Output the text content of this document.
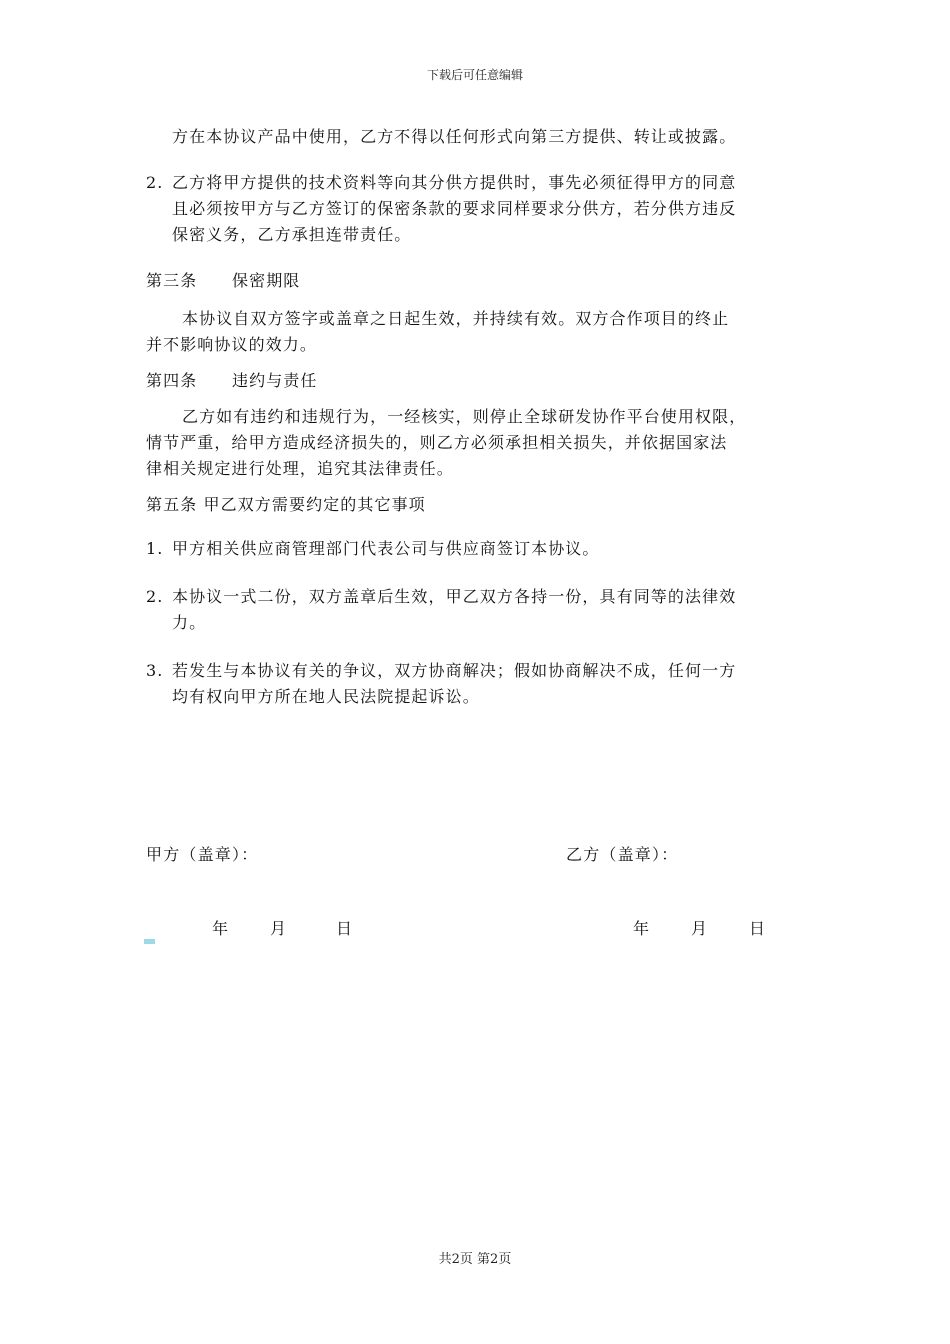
下载后可任意编辑
方在本协议产品中使用，乙方不得以任何形式向第三方提供、转让或披露。
2. 乙方将甲方提供的技术资料等向其分供方提供时，事先必须征得甲方的同意
且必须按甲方与乙方签订的保密条款的要求同样要求分供方，若分供方违反
保密义务，乙方承担连带责任。
第三条 保密期限
本协议自双方签字或盖章之日起生效，并持续有效。双方合作项目的终止
并不影响协议的效力。
第四条 违约与责任
乙方如有违约和违规行为，一经核实，则停止全球研发协作平台使用权限，
情节严重，给甲方造成经济损失的，则乙方必须承担相关损失，并依据国家法
律相关规定进行处理，追究其法律责任。
第五条 甲乙双方需要约定的其它事项
1. 甲方相关供应商管理部门代表公司与供应商签订本协议。
2. 本协议一式二份，双方盖章后生效，甲乙双方各持一份，具有同等的法律效
力。
3. 若发生与本协议有关的争议，双方协商解决；假如协商解决不成，任何一方
均有权向甲方所在地人民法院提起诉讼。
甲方（盖章）：	乙方（盖章）：
年	月	日	年	月	日
共2页 第2页
